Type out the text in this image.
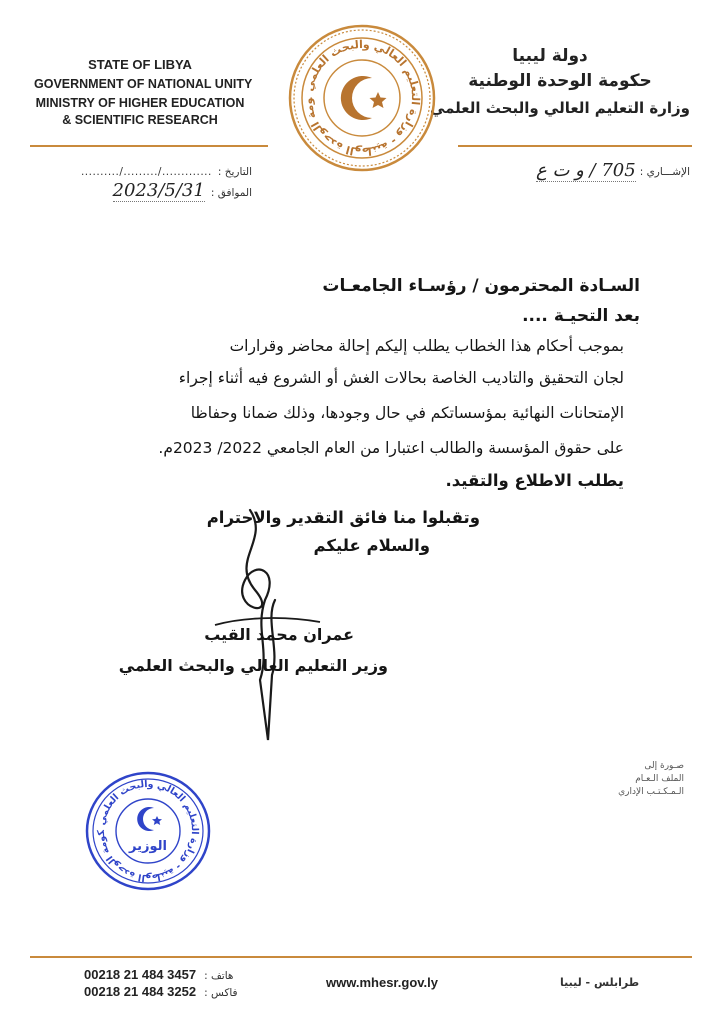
STATE OF LIBYA
GOVERNMENT OF NATIONAL UNITY
MINISTRY OF HIGHER EDUCATION
& SCIENTIFIC RESEARCH
دولة ليبيا
حكومة الوحدة الوطنية
وزارة التعليم العالي والبحث العلمي
ومة الوحدة الوطنية - وزارة التعليم العالي والبحث العلمي
التاريخ :
........../........./.............
الموافق :
2023/5/31
الإشـــاري :
705 / و ت ع
السـادة المحترمون / رؤسـاء الجامعـات
بعد التحيـة ....
بموجب أحكام هذا الخطاب يطلب إليكم إحالة محاضر وقرارات
لجان التحقيق والتاديب الخاصة بحالات الغش أو الشروع فيه أثناء إجراء
الإمتحانات النهائية بمؤسساتكم في حال وجودها، وذلك ضمانا وحفاظا
على حقوق المؤسسة والطالب اعتبارا من العام الجامعي 2022/ 2023م.
يطلب الاطلاع والتقيد.
وتقبلوا منا فائق التقدير والاحترام
والسلام عليكم
عمران محمد القيب
وزير التعليم العالي والبحث العلمي
صـورة إلى
الملف الـعـام
الـمـكـتـب الإداري
كومة الوحدة الوطنية - وزارة التعليم العالي والبحث العلمي
الوزير
00218 21 484 3457 هاتف :
00218 21 484 3252 فاكس :
www.mhesr.gov.ly	طرابلس - ليبيا
